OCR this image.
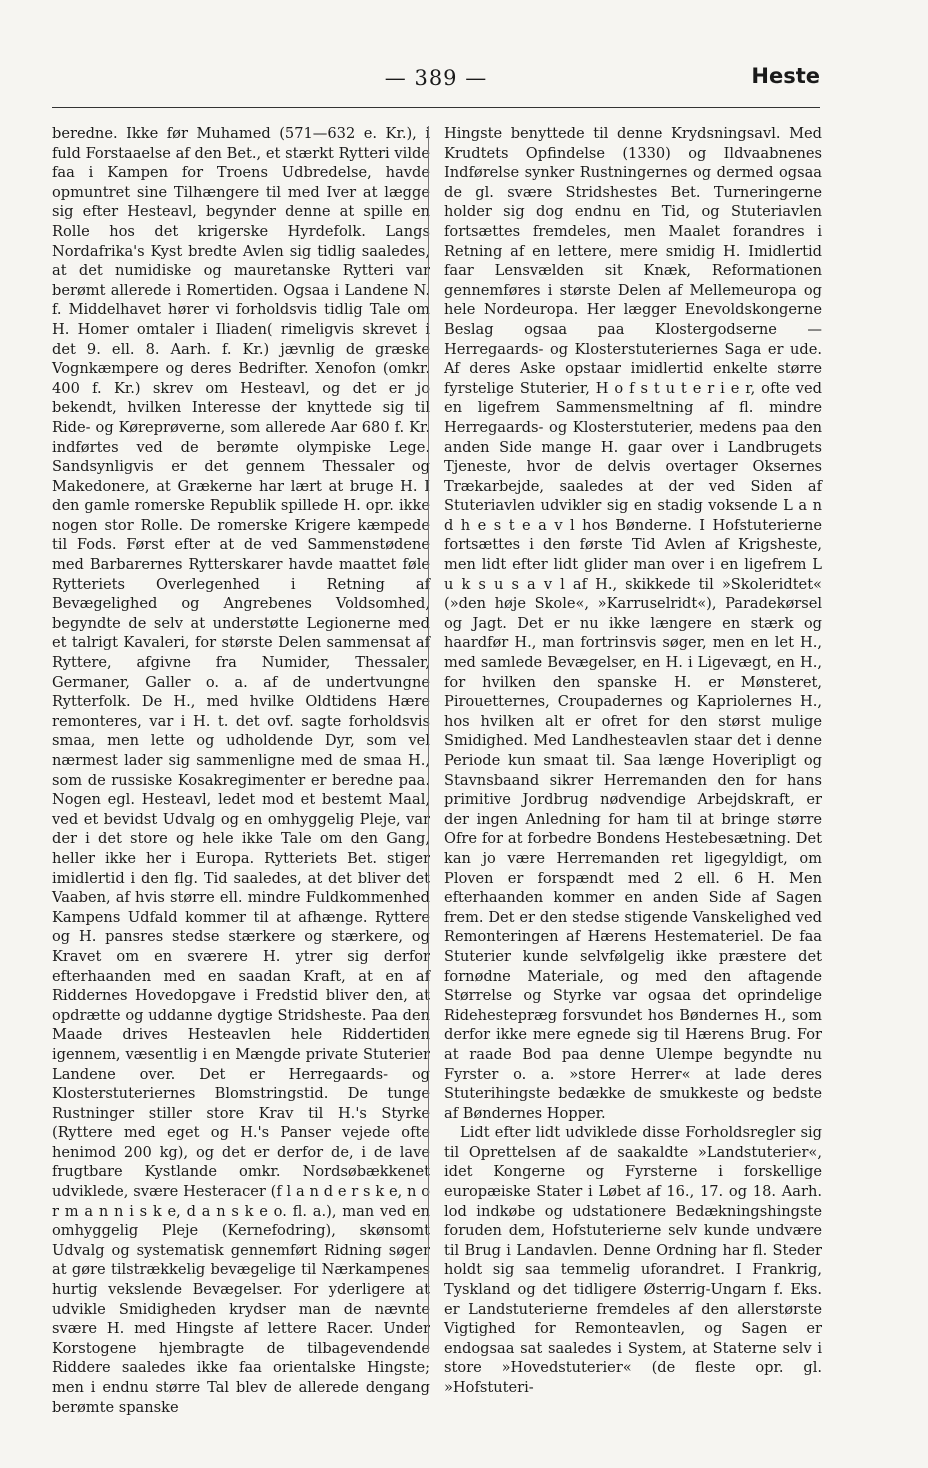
— 389 —	Heste

beredne. Ikke før Muhamed (571—632 e. Kr.), i fuld Forstaaelse af den Bet., et stærkt Rytteri vilde faa i Kampen for Troens Udbredelse, havde opmuntret sine Tilhængere til med Iver at lægge sig efter Hesteavl, begynder denne at spille en Rolle hos det krigerske Hyrdefolk. Langs Nordafrika's Kyst bredte Avlen sig tidlig saaledes, at det numidiske og mauretanske Rytteri var berømt allerede i Romertiden. Ogsaa i Landene N. f. Middelhavet hører vi forholdsvis tidlig Tale om H. Homer omtaler i Iliaden( rimeligvis skrevet i det 9. ell. 8. Aarh. f. Kr.) jævnlig de græske Vognkæmpere og deres Bedrifter. Xenofon (omkr. 400 f. Kr.) skrev om Hesteavl, og det er jo bekendt, hvilken Interesse der knyttede sig til Ride- og Køreprøverne, som allerede Aar 680 f. Kr. indførtes ved de berømte olympiske Lege. Sandsynligvis er det gennem Thessaler og Makedonere, at Grækerne har lært at bruge H. I den gamle romerske Republik spillede H. opr. ikke nogen stor Rolle. De romerske Krigere kæmpede til Fods. Først efter at de ved Sammenstødene med Barbarernes Rytterskarer havde maattet føle Rytteriets Overlegenhed i Retning af Bevægelighed og Angrebenes Voldsomhed, begyndte de selv at understøtte Legionerne med et talrigt Kavaleri, for største Delen sammensat af Ryttere, afgivne fra Numider, Thessaler, Germaner, Galler o. a. af de undertvungne Rytterfolk. De H., med hvilke Oldtidens Hære remonteres, var i H. t. det ovf. sagte forholdsvis smaa, men lette og udholdende Dyr, som vel nærmest lader sig sammenligne med de smaa H., som de russiske Kosakregimenter er beredne paa. Nogen egl. Hesteavl, ledet mod et bestemt Maal, ved et bevidst Udvalg og en omhyggelig Pleje, var der i det store og hele ikke Tale om den Gang, heller ikke her i Europa. Rytteriets Bet. stiger imidlertid i den flg. Tid saaledes, at det bliver det Vaaben, af hvis større ell. mindre Fuldkommenhed Kampens Udfald kommer til at afhænge. Ryttere og H. pansres stedse stærkere og stærkere, og Kravet om en sværere H. ytrer sig derfor efterhaanden med en saadan Kraft, at en af Riddernes Hovedopgave i Fredstid bliver den, at opdrætte og uddanne dygtige Stridsheste. Paa den Maade drives Hesteavlen hele Riddertiden igennem, væsentlig i en Mængde private Stuterier Landene over. Det er Herregaards- og Klosterstuteriernes Blomstringstid. De tunge Rustninger stiller store Krav til H.'s Styrke (Ryttere med eget og H.'s Panser vejede ofte henimod 200 kg), og det er derfor de, i de lave frugtbare Kystlande omkr. Nordsøbækkenet udviklede, svære Hesteracer (f l a n d e r s k e, n o r m a n n i s k e, d a n s k e o. fl. a.), man ved en omhyggelig Pleje (Kernefodring), skønsomt Udvalg og systematisk gennemført Ridning søger at gøre tilstrækkelig bevægelige til Nærkampenes hurtig vekslende Bevægelser. For yderligere at udvikle Smidigheden krydser man de nævnte svære H. med Hingste af lettere Racer. Under Korstogene hjembragte de tilbagevendende Riddere saaledes ikke faa orientalske Hingste; men i endnu større Tal blev de allerede dengang berømte spanske

Hingste benyttede til denne Krydsningsavl. Med Krudtets Opfindelse (1330) og Ildvaabnenes Indførelse synker Rustningernes og dermed ogsaa de gl. svære Stridshestes Bet. Turneringerne holder sig dog endnu en Tid, og Stuteriavlen fortsættes fremdeles, men Maalet forandres i Retning af en lettere, mere smidig H. Imidlertid faar Lensvælden sit Knæk, Reformationen gennemføres i største Delen af Mellemeuropa og hele Nordeuropa. Her lægger Enevoldskongerne Beslag ogsaa paa Klostergodserne — Herregaards- og Klosterstuteriernes Saga er ude. Af deres Aske opstaar imidlertid enkelte større fyrstelige Stuterier, H o f s t u t e r i e r, ofte ved en ligefrem Sammensmeltning af fl. mindre Herregaards- og Klosterstuterier, medens paa den anden Side mange H. gaar over i Landbrugets Tjeneste, hvor de delvis overtager Oksernes Trækarbejde, saaledes at der ved Siden af Stuteriavlen udvikler sig en stadig voksende L a n d h e s t e a v l hos Bønderne. I Hofstuterierne fortsættes i den første Tid Avlen af Krigsheste, men lidt efter lidt glider man over i en ligefrem L u k s u s a v l af H., skikkede til »Skoleridtet« (»den høje Skole«, »Karruselridt«), Paradekørsel og Jagt. Det er nu ikke længere en stærk og haardfør H., man fortrinsvis søger, men en let H., med samlede Bevægelser, en H. i Ligevægt, en H., for hvilken den spanske H. er Mønsteret, Pirouetternes, Croupadernes og Kapriolernes H., hos hvilken alt er ofret for den størst mulige Smidighed. Med Landhesteavlen staar det i denne Periode kun smaat til. Saa længe Hoveripligt og Stavnsbaand sikrer Herremanden den for hans primitive Jordbrug nødvendige Arbejdskraft, er der ingen Anledning for ham til at bringe større Ofre for at forbedre Bondens Hestebesætning. Det kan jo være Herremanden ret ligegyldigt, om Ploven er forspændt med 2 ell. 6 H. Men efterhaanden kommer en anden Side af Sagen frem. Det er den stedse stigende Vanskelighed ved Remonteringen af Hærens Hestemateriel. De faa Stuterier kunde selvfølgelig ikke præstere det fornødne Materiale, og med den aftagende Størrelse og Styrke var ogsaa det oprindelige Ridehestepræg forsvundet hos Bøndernes H., som derfor ikke mere egnede sig til Hærens Brug. For at raade Bod paa denne Ulempe begyndte nu Fyrster o. a. »store Herrer« at lade deres Stuterihingste bedække de smukkeste og bedste af Bøndernes Hopper.

Lidt efter lidt udviklede disse Forholdsregler sig til Oprettelsen af de saakaldte »Landstuterier«, idet Kongerne og Fyrsterne i forskellige europæiske Stater i Løbet af 16., 17. og 18. Aarh. lod indkøbe og udstationere Bedækningshingste foruden dem, Hofstuterierne selv kunde undvære til Brug i Landavlen. Denne Ordning har fl. Steder holdt sig saa temmelig uforandret. I Frankrig, Tyskland og det tidligere Østerrig-Ungarn f. Eks. er Landstuterierne fremdeles af den allerstørste Vigtighed for Remonteavlen, og Sagen er endogsaa sat saaledes i System, at Staterne selv i store »Hovedstuterier« (de fleste opr. gl. »Hofstuteri-
